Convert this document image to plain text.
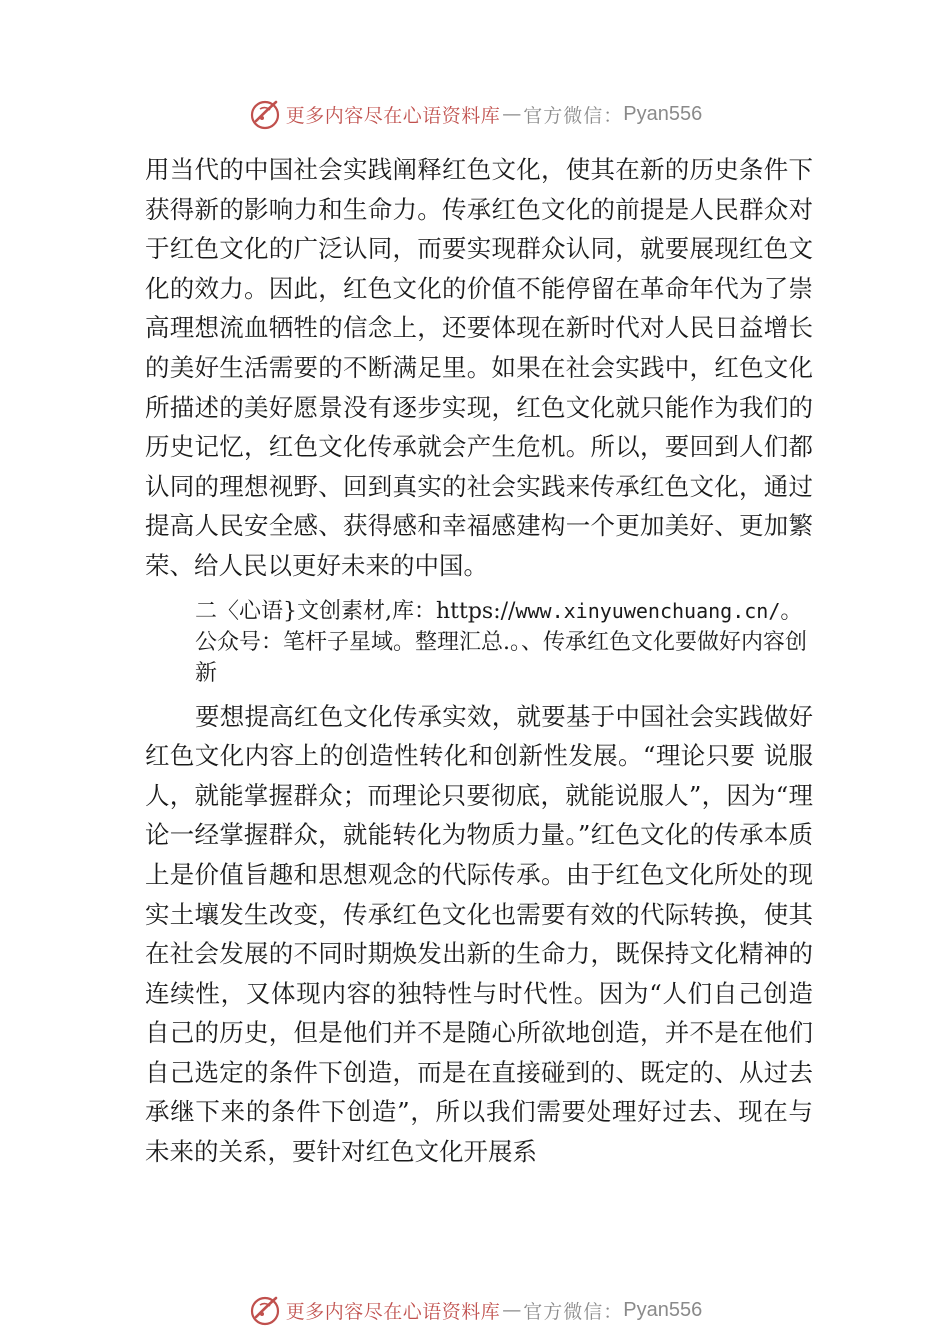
更多内容尽在心语资料库 — 官方微信： Pyan556

用当代的中国社会实践阐释红色文化，使其在新的历史条件下获得新的影响力和生命力。传承红色文化的前提是人民群众对于红色文化的广泛认同，而要实现群众认同，就要展现红色文化的效力。因此，红色文化的价值不能停留在革命年代为了崇高理想流血牺牲的信念上，还要体现在新时代对人民日益增长的美好生活需要的不断满足里。如果在社会实践中，红色文化所描述的美好愿景没有逐步实现，红色文化就只能作为我们的历史记忆，红色文化传承就会产生危机。所以，要回到人们都认同的理想视野、回到真实的社会实践来传承红色文化，通过提高人民安全感、获得感和幸福感建构一个更加美好、更加繁荣、给人民以更好未来的中国。

二〈心语}文创素材,库：https://www.xinyuwenchuang.cn/。公众号：笔杆子星域。整理汇总.。、传承红色文化要做好内容创新

要想提高红色文化传承实效，就要基于中国社会实践做好红色文化内容上的创造性转化和创新性发展。“理论只要 说服人，就能掌握群众；而理论只要彻底，就能说服人”，因为“理论一经掌握群众，就能转化为物质力量。”红色文化的传承本质上是价值旨趣和思想观念的代际传承。由于红色文化所处的现实土壤发生改变，传承红色文化也需要有效的代际转换，使其在社会发展的不同时期焕发出新的生命力，既保持文化精神的连续性，又体现内容的独特性与时代性。因为“人们自己创造自己的历史，但是他们并不是随心所欲地创造，并不是在他们自己选定的条件下创造，而是在直接碰到的、既定的、从过去承继下来的条件下创造”，所以我们需要处理好过去、现在与未来的关系，要针对红色文化开展系

更多内容尽在心语资料库 — 官方微信： Pyan556
